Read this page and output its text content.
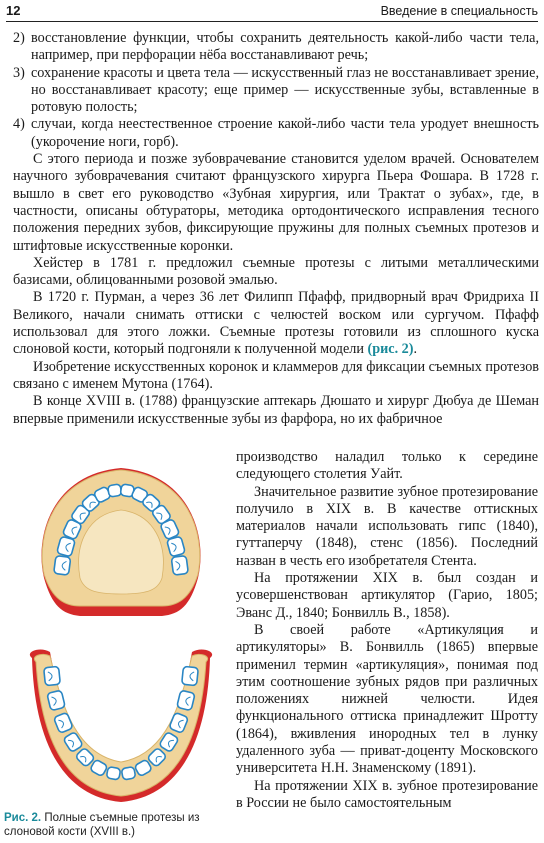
12	Введение в специальность
2) восстановление функции, чтобы сохранить деятельность какой-либо части тела, например, при перфорации нёба восстанавливают речь;
3) сохранение красоты и цвета тела — искусственный глаз не восстанавливает зрение, но восстанавливает красоту; еще пример — искусственные зубы, вставленные в ротовую полость;
4) случаи, когда неестественное строение какой-либо части тела уродует внешность (укорочение ноги, горб).

С этого периода и позже зубоврачевание становится уделом врачей. Основателем научного зубоврачевания считают французского хирурга Пьера Фошара. В 1728 г. вышло в свет его руководство «Зубная хирургия, или Трактат о зубах», где, в частности, описаны обтураторы, методика ортодонтического исправления тесного положения передних зубов, фиксирующие пружины для полных съемных протезов и штифтовые искусственные коронки.

Хейстер в 1781 г. предложил съемные протезы с литыми металлическими базисами, облицованными розовой эмалью.

В 1720 г. Пурман, а через 36 лет Филипп Пфафф, придворный врач Фридриха II Великого, начали снимать оттиски с челюстей воском или сургучом. Пфафф использовал для этого ложки. Съемные протезы готовили из сплошного куска слоновой кости, который подгоняли к полученной модели (рис. 2).

Изобретение искусственных коронок и кламмеров для фиксации съемных протезов связано с именем Мутона (1764).

В конце XVIII в. (1788) французские аптекарь Дюшато и хирург Дюбуа де Шеман впервые применили искусственные зубы из фарфора, но их фабричное

производство наладил только к середине следующего столетия Уайт.

Значительное развитие зубное протезирование получило в XIX в. В качестве оттискных материалов начали использовать гипс (1840), гуттаперчу (1848), стенс (1856). Последний назван в честь его изобретателя Стента.

На протяжении XIX в. был создан и усовершенствован артикулятор (Гарио, 1805; Эванс Д., 1840; Бонвилль В., 1858).

В своей работе «Артикуляция и артикуляторы» В. Бонвилль (1865) впервые применил термин «артикуляция», понимая под этим соотношение зубных рядов при различных положениях нижней челюсти. Идея функционального оттиска принадлежит Шротту (1864), вживления инородных тел в лунку удаленного зуба — приват-доценту Московского университета Н.Н. Знаменскому (1891).

На протяжении XIX в. зубное протезирование в России не было самостоятельным

Рис. 2. Полные съемные протезы из слоновой кости (XVIII в.)
